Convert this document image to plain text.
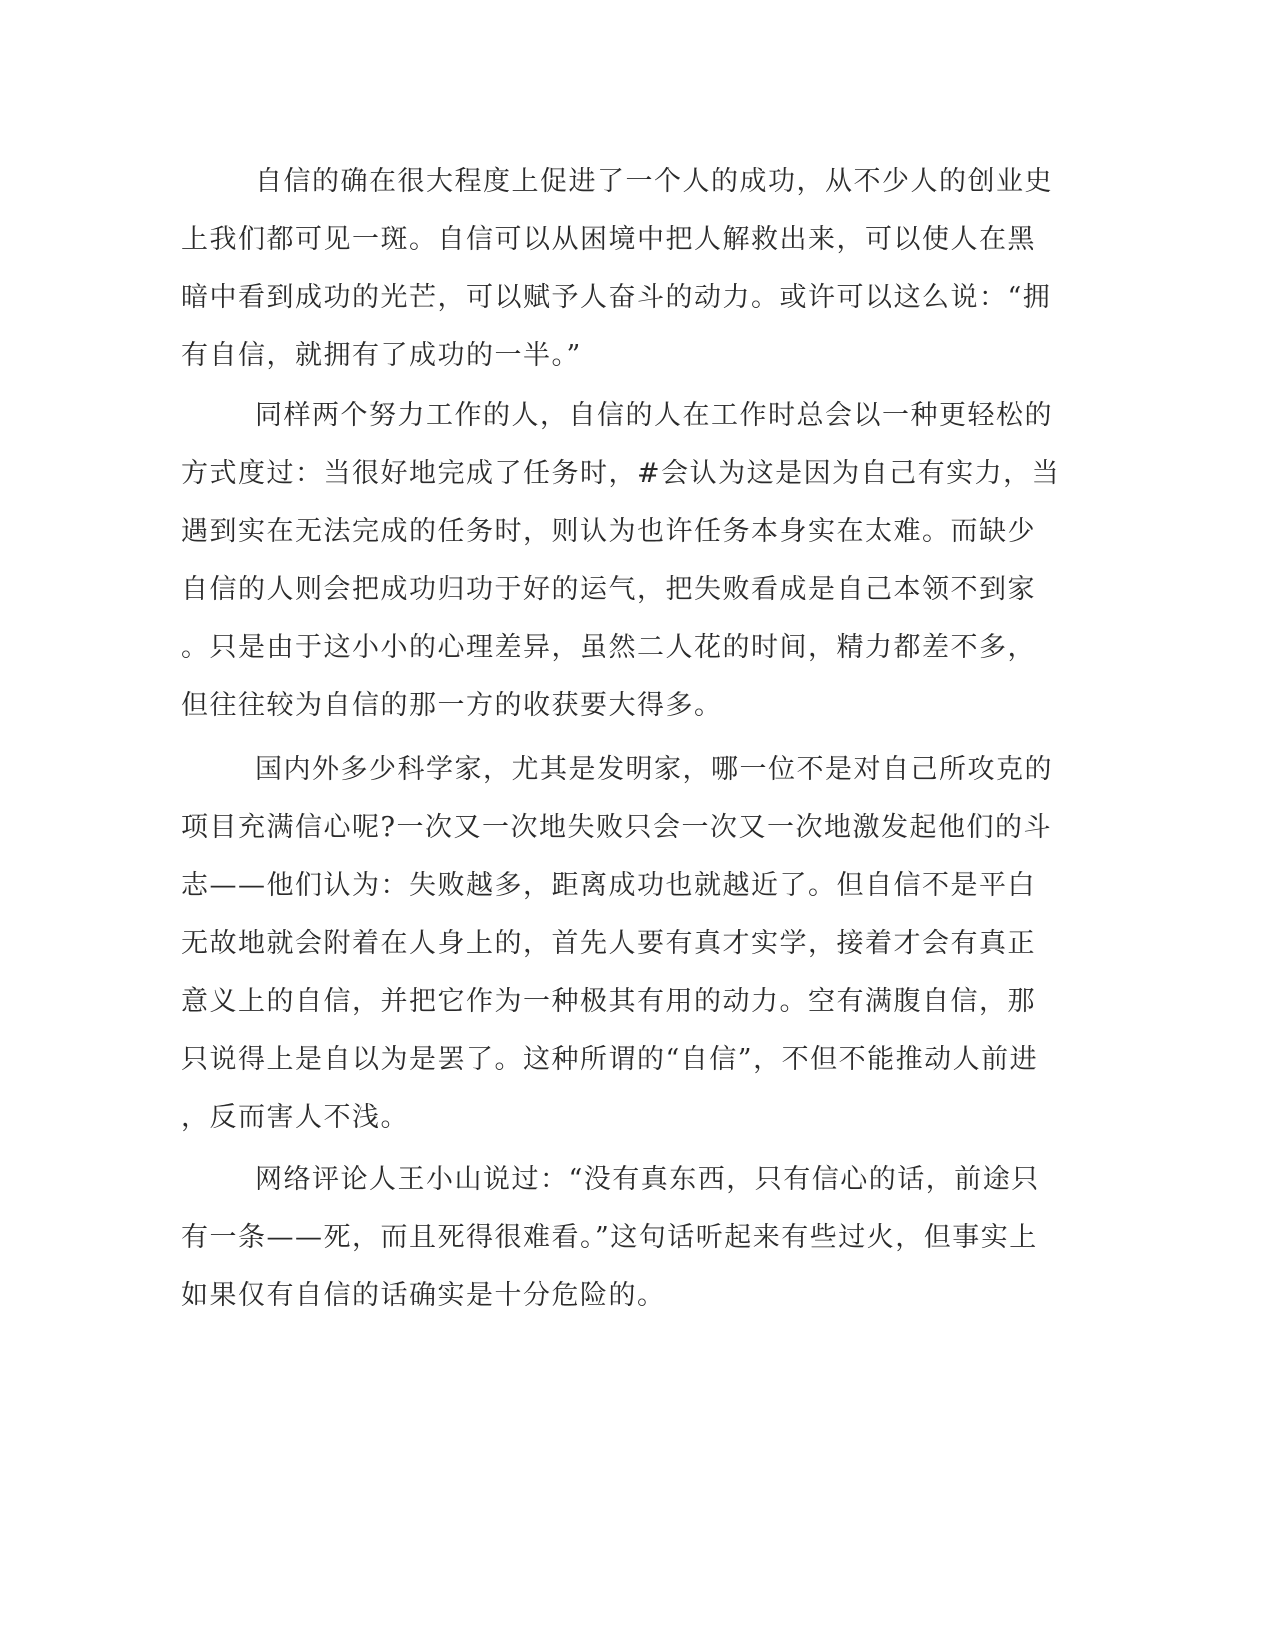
自信的确在很大程度上促进了一个人的成功，从不少人的创业史
上我们都可见一斑。自信可以从困境中把人解救出来，可以使人在黑
暗中看到成功的光芒，可以赋予人奋斗的动力。或许可以这么说：“拥
有自信，就拥有了成功的一半。”
同样两个努力工作的人，自信的人在工作时总会以一种更轻松的
方式度过：当很好地完成了任务时，#会认为这是因为自己有实力，当
遇到实在无法完成的任务时，则认为也许任务本身实在太难。而缺少
自信的人则会把成功归功于好的运气，把失败看成是自己本领不到家
。只是由于这小小的心理差异，虽然二人花的时间，精力都差不多，
但往往较为自信的那一方的收获要大得多。
国内外多少科学家，尤其是发明家，哪一位不是对自己所攻克的
项目充满信心呢?一次又一次地失败只会一次又一次地激发起他们的斗
志——他们认为：失败越多，距离成功也就越近了。但自信不是平白
无故地就会附着在人身上的，首先人要有真才实学，接着才会有真正
意义上的自信，并把它作为一种极其有用的动力。空有满腹自信，那
只说得上是自以为是罢了。这种所谓的“自信”，不但不能推动人前进
，反而害人不浅。
网络评论人王小山说过：“没有真东西，只有信心的话，前途只
有一条——死，而且死得很难看。”这句话听起来有些过火，但事实上
如果仅有自信的话确实是十分危险的。
